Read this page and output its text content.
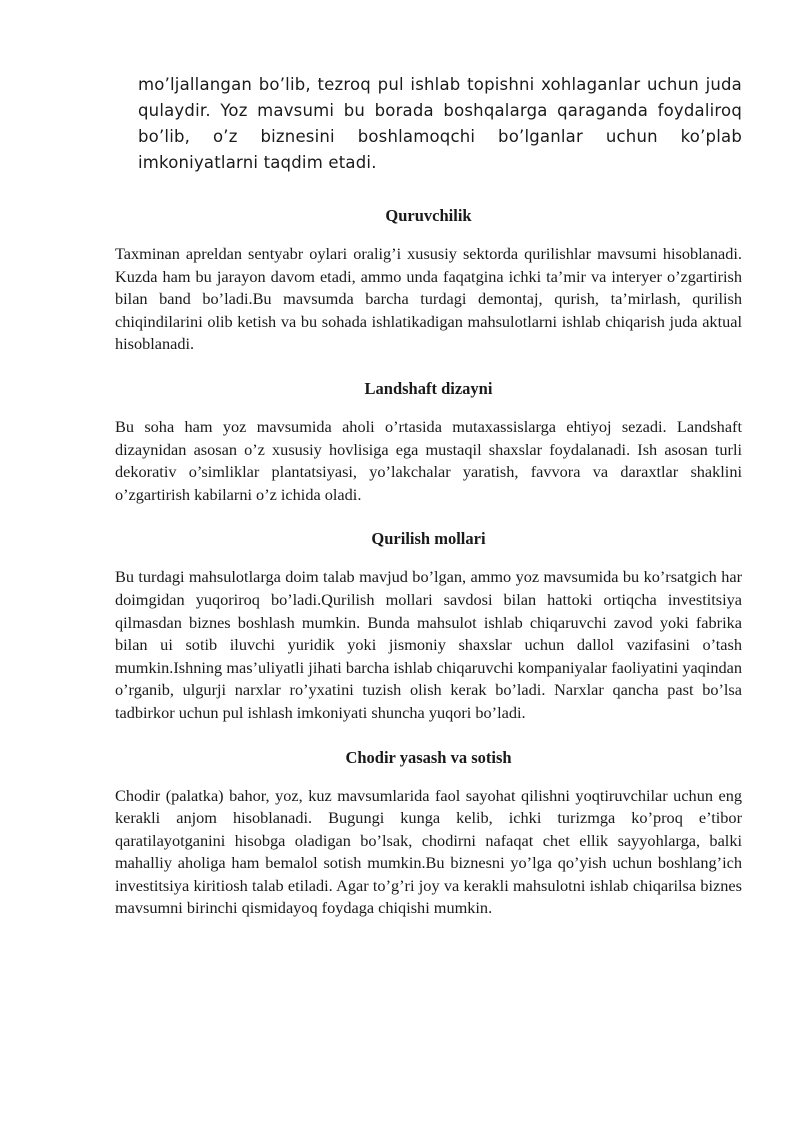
mo’ljallangan bo’lib, tezroq pul ishlab topishni xohlaganlar uchun juda qulaydir. Yoz mavsumi bu borada boshqalarga qaraganda foydaliroq bo’lib, o’z biznesini boshlamoqchi bo’lganlar uchun ko’plab imkoniyatlarni taqdim etadi.

Quruvchilik

Taxminan apreldan sentyabr oylari oralig’i xususiy sektorda qurilishlar mavsumi hisoblanadi. Kuzda ham bu jarayon davom etadi, ammo unda faqatgina ichki ta’mir va interyer o’zgartirish bilan band bo’ladi.Bu mavsumda barcha turdagi demontaj, qurish, ta’mirlash, qurilish chiqindilarini olib ketish va bu sohada ishlatikadigan mahsulotlarni ishlab chiqarish juda aktual hisoblanadi.

Landshaft dizayni

Bu soha ham yoz mavsumida aholi o’rtasida mutaxassislarga ehtiyoj sezadi. Landshaft dizaynidan asosan o’z xususiy hovlisiga ega mustaqil shaxslar foydalanadi. Ish asosan turli dekorativ o’simliklar plantatsiyasi, yo’lakchalar yaratish, favvora va daraxtlar shaklini o’zgartirish kabilarni o’z ichida oladi.

Qurilish mollari

Bu turdagi mahsulotlarga doim talab mavjud bo’lgan, ammo yoz mavsumida bu ko’rsatgich har doimgidan yuqoriroq bo’ladi.Qurilish mollari savdosi bilan hattoki ortiqcha investitsiya qilmasdan biznes boshlash mumkin. Bunda mahsulot ishlab chiqaruvchi zavod yoki fabrika bilan ui sotib iluvchi yuridik yoki jismoniy shaxslar uchun dallol vazifasini o’tash mumkin.Ishning mas’uliyatli jihati barcha ishlab chiqaruvchi kompaniyalar faoliyatini yaqindan o’rganib, ulgurji narxlar ro’yxatini tuzish olish kerak bo’ladi. Narxlar qancha past bo’lsa tadbirkor uchun pul ishlash imkoniyati shuncha yuqori bo’ladi.

Chodir yasash va sotish

Chodir (palatka) bahor, yoz, kuz mavsumlarida faol sayohat qilishni yoqtiruvchilar uchun eng kerakli anjom hisoblanadi. Bugungi kunga kelib, ichki turizmga ko’proq e’tibor qaratilayotganini hisobga oladigan bo’lsak, chodirni nafaqat chet ellik sayyohlarga, balki mahalliy aholiga ham bemalol sotish mumkin.Bu biznesni yo’lga qo’yish uchun boshlang’ich investitsiya kiritiosh talab etiladi. Agar to’g’ri joy va kerakli mahsulotni ishlab chiqarilsa biznes mavsumni birinchi qismidayoq foydaga chiqishi mumkin.
